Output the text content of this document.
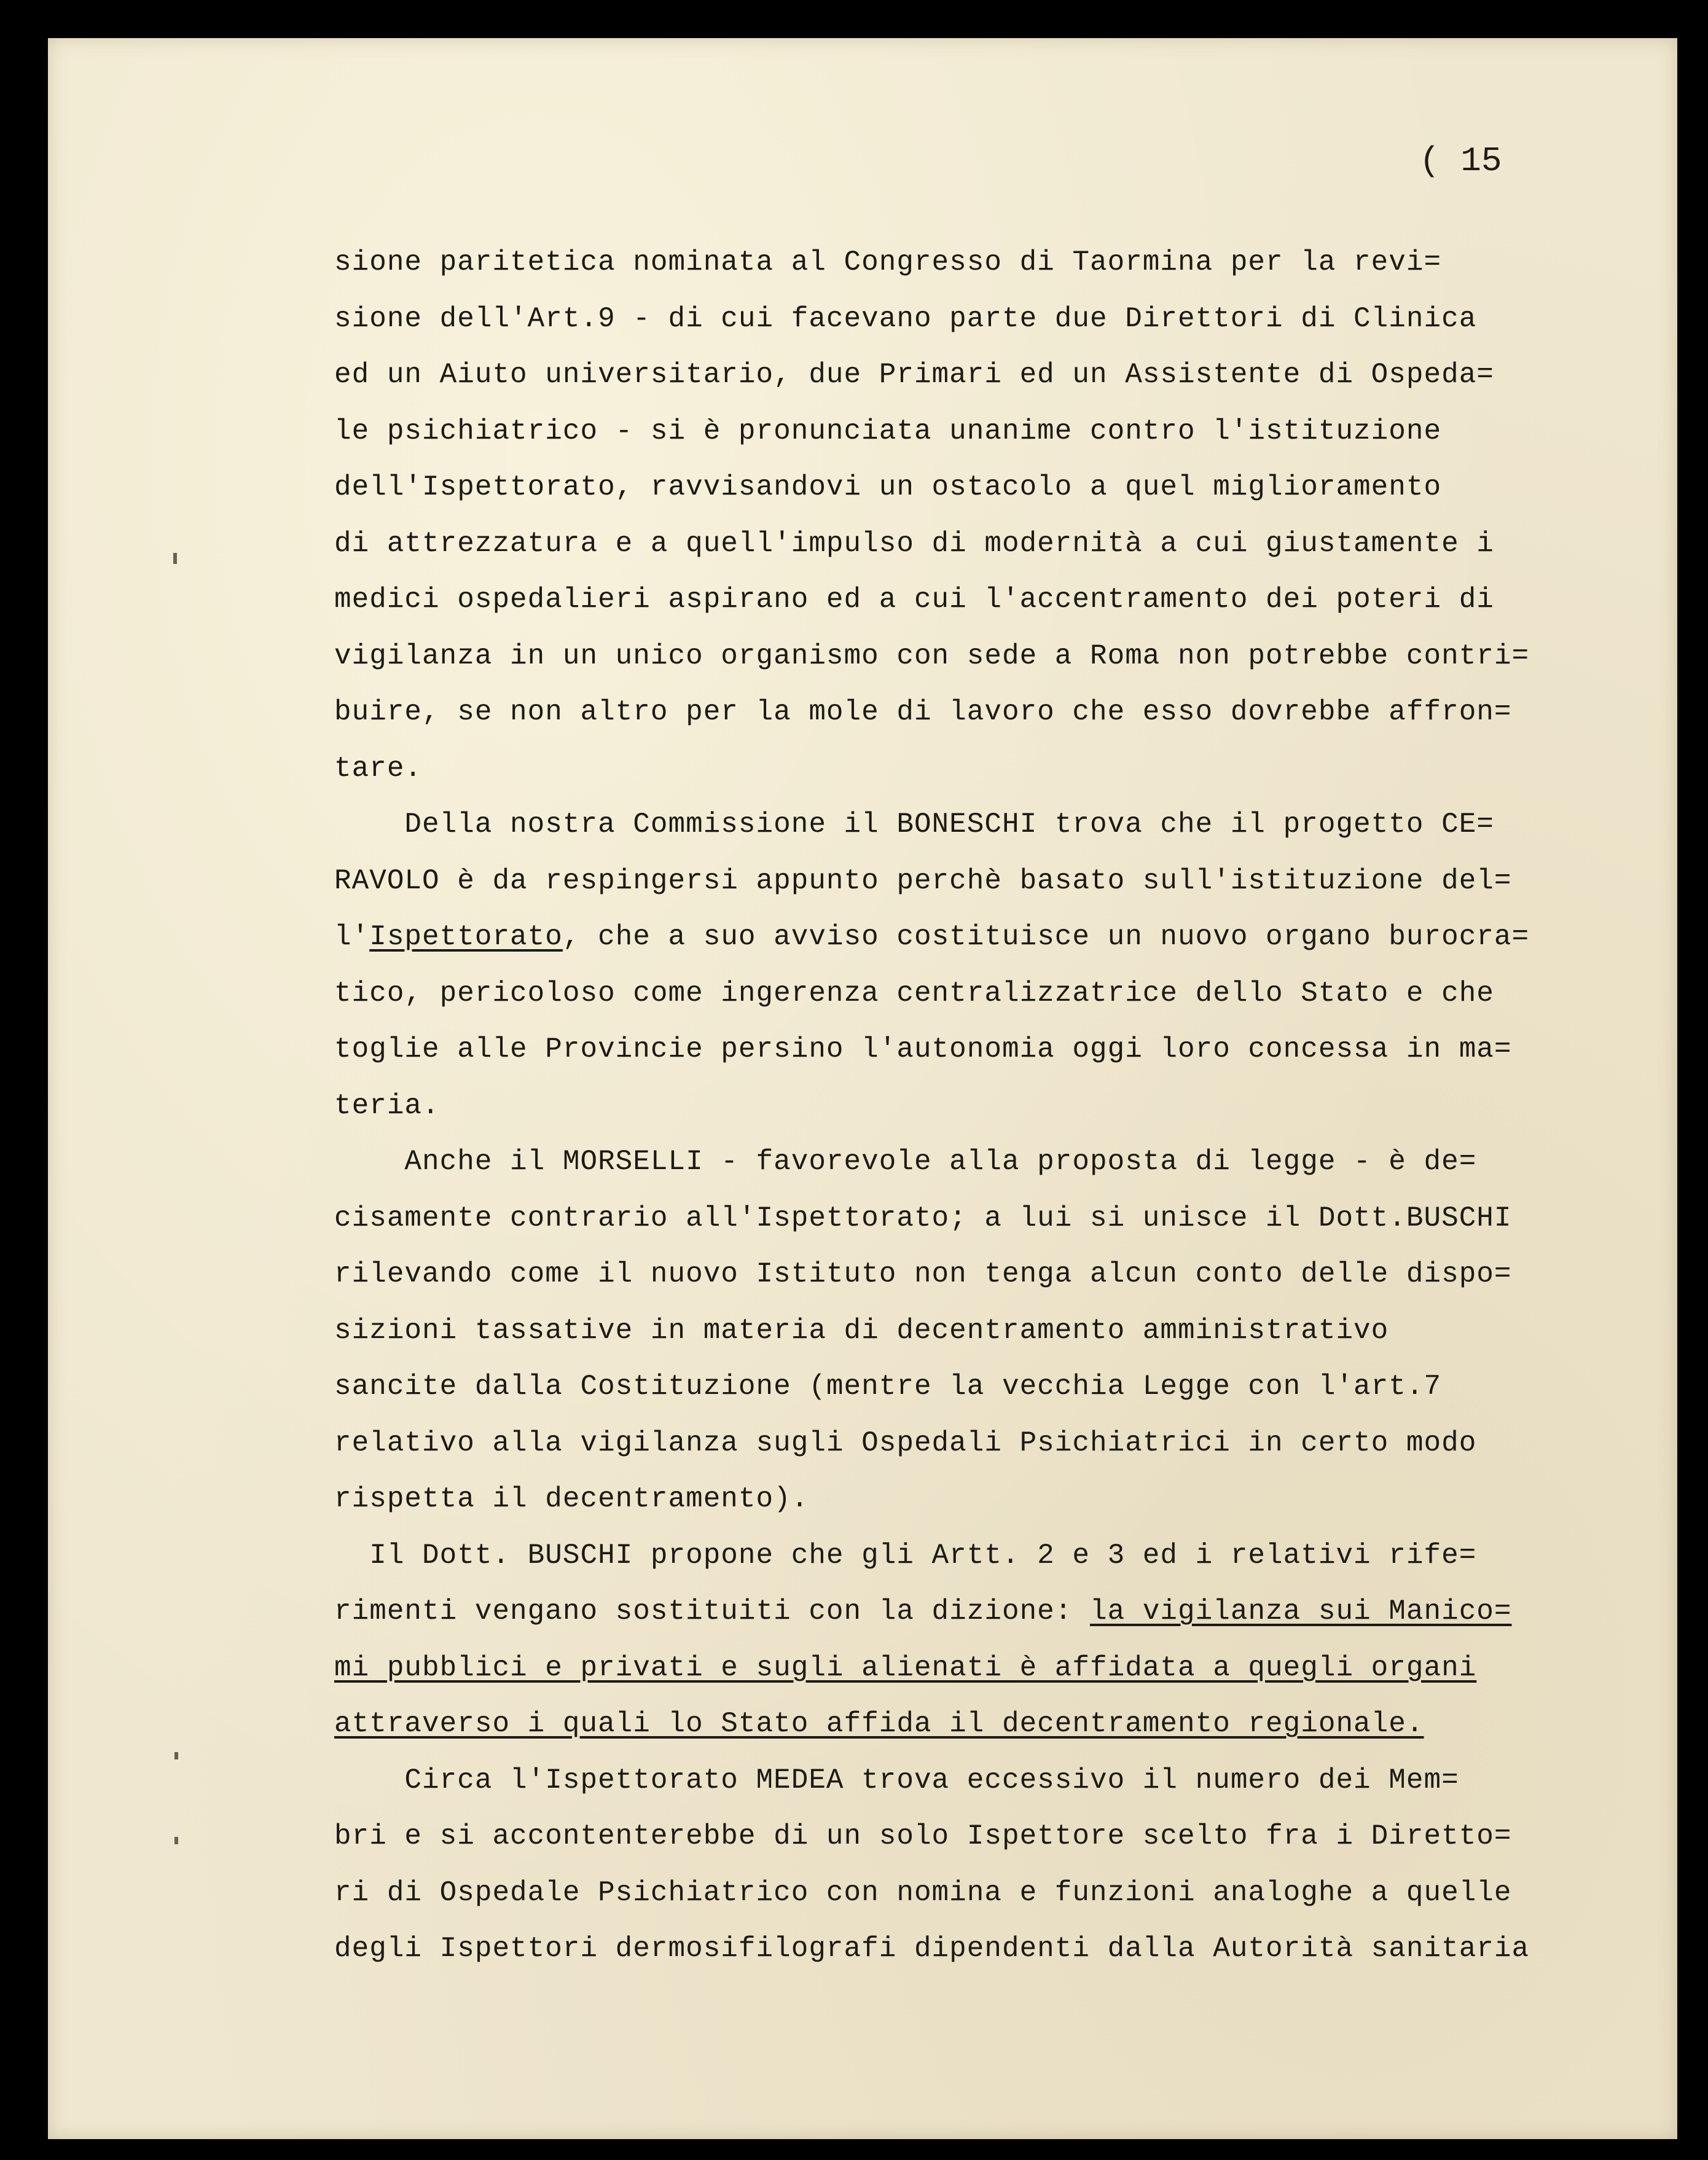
( 15
sione paritetica nominata al Congresso di Taormina per la revi=
sione dell'Art.9 - di cui facevano parte due Direttori di Clinica
ed un Aiuto universitario, due Primari ed un Assistente di Ospeda=
le psichiatrico - si è pronunciata unanime contro l'istituzione
dell'Ispettorato, ravvisandovi un ostacolo a quel miglioramento
di attrezzatura e a quell'impulso di modernità a cui giustamente i
medici ospedalieri aspirano ed a cui l'accentramento dei poteri di
vigilanza in un unico organismo con sede a Roma non potrebbe contri=
buire, se non altro per la mole di lavoro che esso dovrebbe affron=
tare.
Della nostra Commissione il BONESCHI trova che il progetto CE=
RAVOLO è da respingersi appunto perchè basato sull'istituzione del=
l'Ispettorato, che a suo avviso costituisce un nuovo organo burocra=
tico, pericoloso come ingerenza centralizzatrice dello Stato e che
toglie alle Provincie persino l'autonomia oggi loro concessa in ma=
teria.
Anche il MORSELLI - favorevole alla proposta di legge - è de=
cisamente contrario all'Ispettorato; a lui si unisce il Dott.BUSCHI
rilevando come il nuovo Istituto non tenga alcun conto delle dispo=
sizioni tassative in materia di decentramento amministrativo
sancite dalla Costituzione (mentre la vecchia Legge con l'art.7
relativo alla vigilanza sugli Ospedali Psichiatrici in certo modo
rispetta il decentramento).
Il Dott. BUSCHI propone che gli Artt. 2 e 3 ed i relativi rife=
rimenti vengano sostituiti con la dizione: la vigilanza sui Manico=
mi pubblici e privati e sugli alienati è affidata a quegli organi
attraverso i quali lo Stato affida il decentramento regionale.
Circa l'Ispettorato MEDEA trova eccessivo il numero dei Mem=
bri e si accontenterebbe di un solo Ispettore scelto fra i Diretto=
ri di Ospedale Psichiatrico con nomina e funzioni analoghe a quelle
degli Ispettori dermosifilografi dipendenti dalla Autorità sanitaria
